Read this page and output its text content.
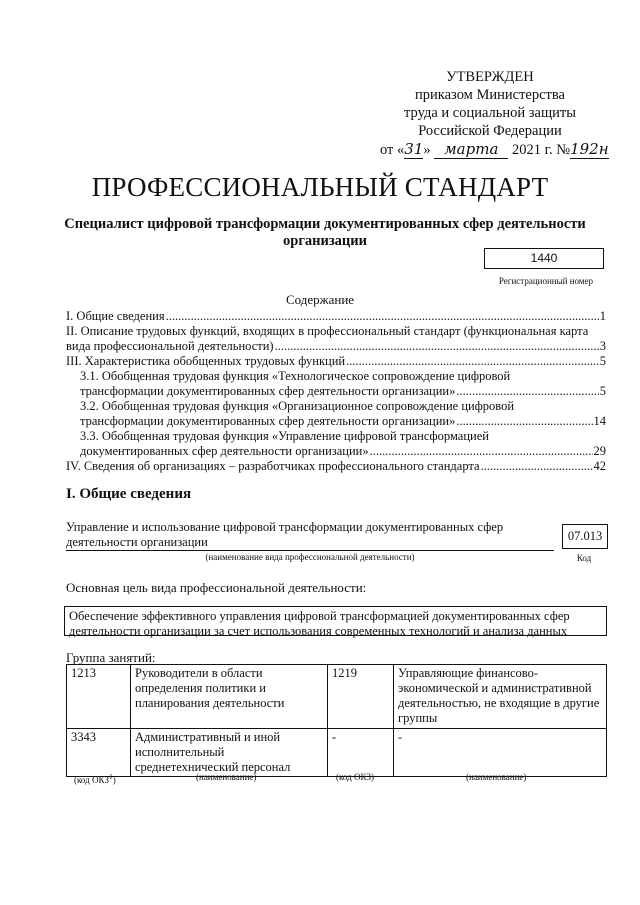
УТВЕРЖДЕН
приказом Министерства
труда и социальной защиты
Российской Федерации
от «31» марта 2021 г. №192н
ПРОФЕССИОНАЛЬНЫЙ СТАНДАРТ
Специалист цифровой трансформации документированных сфер деятельности организации
1440
Регистрационный номер
Содержание
I. Общие сведения .....	1
II. Описание трудовых функций, входящих в профессиональный стандарт (функциональная карта
вида профессиональной деятельности) .....	3
III. Характеристика обобщенных трудовых функций .....	5
3.1. Обобщенная трудовая функция «Технологическое сопровождение цифровой
трансформации документированных сфер деятельности организации» .....	5
3.2. Обобщенная трудовая функция «Организационное сопровождение цифровой
трансформации документированных сфер деятельности организации» .....	14
3.3. Обобщенная трудовая функция «Управление цифровой трансформацией
документированных сфер деятельности организации» .....	29
IV. Сведения об организациях – разработчиках профессионального стандарта .....	42
I. Общие сведения
Управление и использование цифровой трансформации документированных сфер
деятельности организации
(наименование вида профессиональной деятельности)
07.013
Код
Основная цель вида профессиональной деятельности:
Обеспечение эффективного управления цифровой трансформацией документированных сфер
деятельности организации за счет использования современных технологий и анализа данных
Группа занятий:
1213	Руководители в области определения политики и планирования деятельности	1219	Управляющие финансово-экономической и административной деятельностью, не входящие в другие группы
3343	Административный и иной исполнительный среднетехнический персонал	-	-
(код ОКЗ$^1$)	(наименование)	(код ОКЗ)	(наименование)
